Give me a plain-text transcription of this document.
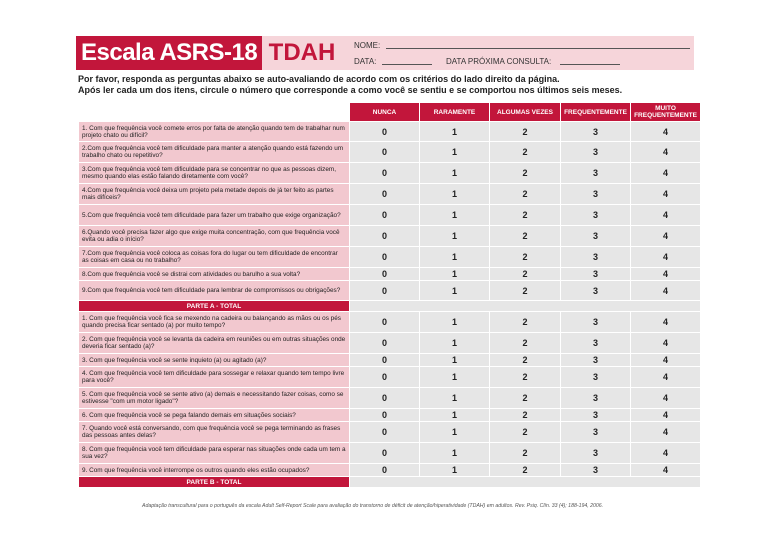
Escala ASRS-18 TDAH	NOME:
DATA:	DATA PRÓXIMA CONSULTA:
Por favor, responda as perguntas abaixo se auto-avaliando de acordo com os critérios do lado direito da página.
Após ler cada um dos itens, circule o número que corresponde a como você se sentiu e se comportou nos últimos seis meses.
	NUNCA	RARAMENTE	ALGUMAS VEZES	FREQUENTEMENTE	MUITO FREQUENTEMENTE
1. Com que frequência você comete erros por falta de atenção quando tem de trabalhar num projeto chato ou difícil?	0	1	2	3	4
2.Com que frequência você tem dificuldade para manter a atenção quando está fazendo um trabalho chato ou repetitivo?	0	1	2	3	4
3.Com que frequência você tem dificuldade para se concentrar no que as pessoas dizem, mesmo quando elas estão falando diretamente com você?	0	1	2	3	4
4.Com que frequência você deixa um projeto pela metade depois de já ter feito as partes mais difíceis?	0	1	2	3	4
5.Com que frequência você tem dificuldade para fazer um trabalho que exige organização?	0	1	2	3	4
6.Quando você precisa fazer algo que exige muita concentração, com que frequência você evita ou adia o início?	0	1	2	3	4
7.Com que frequência você coloca as coisas fora do lugar ou tem dificuldade de encontrar as coisas em casa ou no trabalho?	0	1	2	3	4
8.Com que frequência você se distrai com atividades ou barulho a sua volta?	0	1	2	3	4
9.Com que frequência você tem dificuldade para lembrar de compromissos ou obrigações?	0	1	2	3	4
PARTE A - TOTAL					
1. Com que frequência você fica se mexendo na cadeira ou balançando as mãos ou os pés quando precisa ficar sentado (a) por muito tempo?	0	1	2	3	4
2. Com que frequência você se levanta da cadeira em reuniões ou em outras situações onde deveria ficar sentado (a)?	0	1	2	3	4
3. Com que frequência você se sente inquieto (a) ou agitado (a)?	0	1	2	3	4
4. Com que frequência você tem dificuldade para sossegar e relaxar quando tem tempo livre para você?	0	1	2	3	4
5. Com que frequência você se sente ativo (a) demais e necessitando fazer coisas, como se estivesse "com um motor ligado"?	0	1	2	3	4
6. Com que frequência você se pega falando demais em situações sociais?	0	1	2	3	4
7. Quando você está conversando, com que frequência você se pega terminando as frases das pessoas antes delas?	0	1	2	3	4
8. Com que frequência você tem dificuldade para esperar nas situações onde cada um tem a sua vez?	0	1	2	3	4
9. Com que frequência você interrompe os outros quando eles estão ocupados?	0	1	2	3	4
PARTE B - TOTAL					
Adaptação transcultural para o português da escala Adult Self-Report Scale para avaliação do transtorno de déficit de atenção/hiperatividade (TDAH) em adultos. Rev. Psiq. Clín. 33 (4); 188-194, 2006.
